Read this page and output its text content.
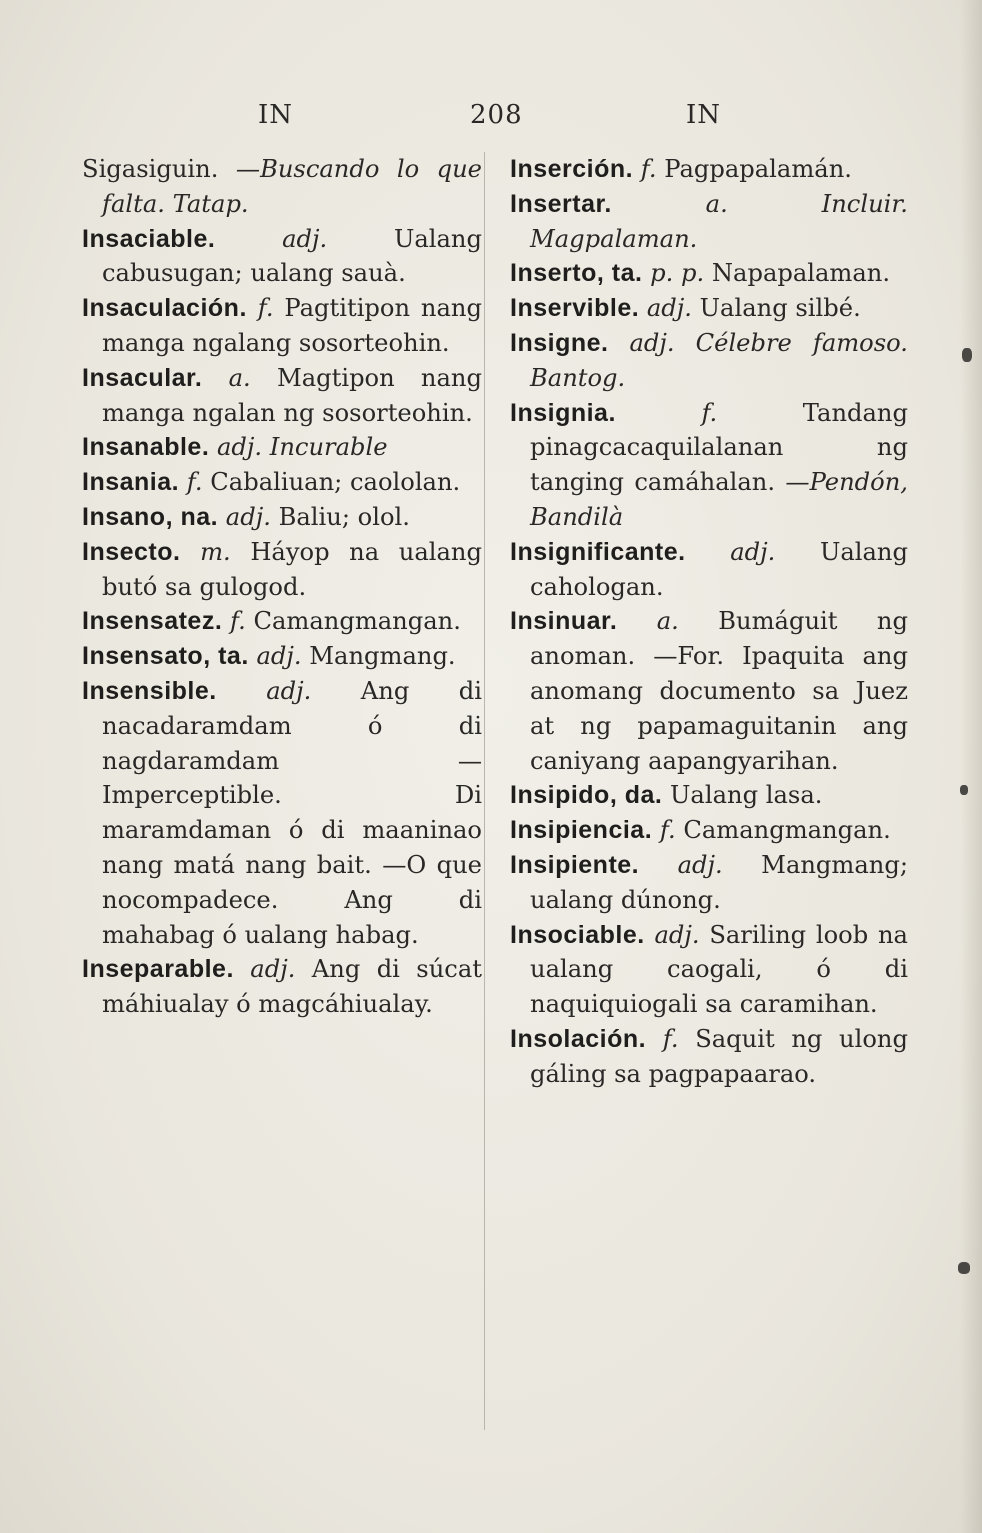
IN	208	IN
Sigasiguin. —Buscando lo que falta. Tatap.
Insaciable.	adj.	Ualang cabusugan; ualang sauà.
Insaculación. f. Pagtitipon nang manga ngalang sosorteohin.
Insacular. a. Magtipon nang manga ngalan ng sosorteohin.
Insanable. adj. Incurable
Insania. f. Cabaliuan; caololan.
Insano, na. adj. Baliu; olol.
Insecto. m. Háyop na ualang butó sa gulogod.
Insensatez. f. Camangmangan.
Insensato, ta. adj. Mangmang.
Insensible. adj. Ang di nacadaramdam ó di nagdaramdam	— Imperceptible. Di maramdaman ó di maaninao nang matá nang bait. —O que nocompadece. Ang di mahabag ó ualang habag.
Inseparable. adj. Ang di súcat máhiualay ó magcáhiualay.
Inserción. f. Pagpapalamán.
Insertar.	a.	Incluir. Magpalaman.
Inserto, ta. p. p. Napapalaman.
Inservible. adj. Ualang silbé.
Insigne. adj. Célebre famoso. Bantog.
Insignia.	f.	Tandang pinagcacaquilalanan ng tanging camáhalan. —Pendón, Bandilà
Insignificante. adj. Ualang cahologan.
Insinuar. a. Bumáguit ng anoman. —For. Ipaquita ang anomang documento sa Juez at ng papamaguitanin ang caniyang aapangyarihan.
Insipido, da. Ualang lasa.
Insipiencia. f. Camangmangan.
Insipiente. adj. Mangmang; ualang dúnong.
Insociable. adj. Sariling loob na ualang caogali, ó di naquiquiogali sa caramihan.
Insolación. f. Saquit ng ulong gáling sa pagpapaarao.
